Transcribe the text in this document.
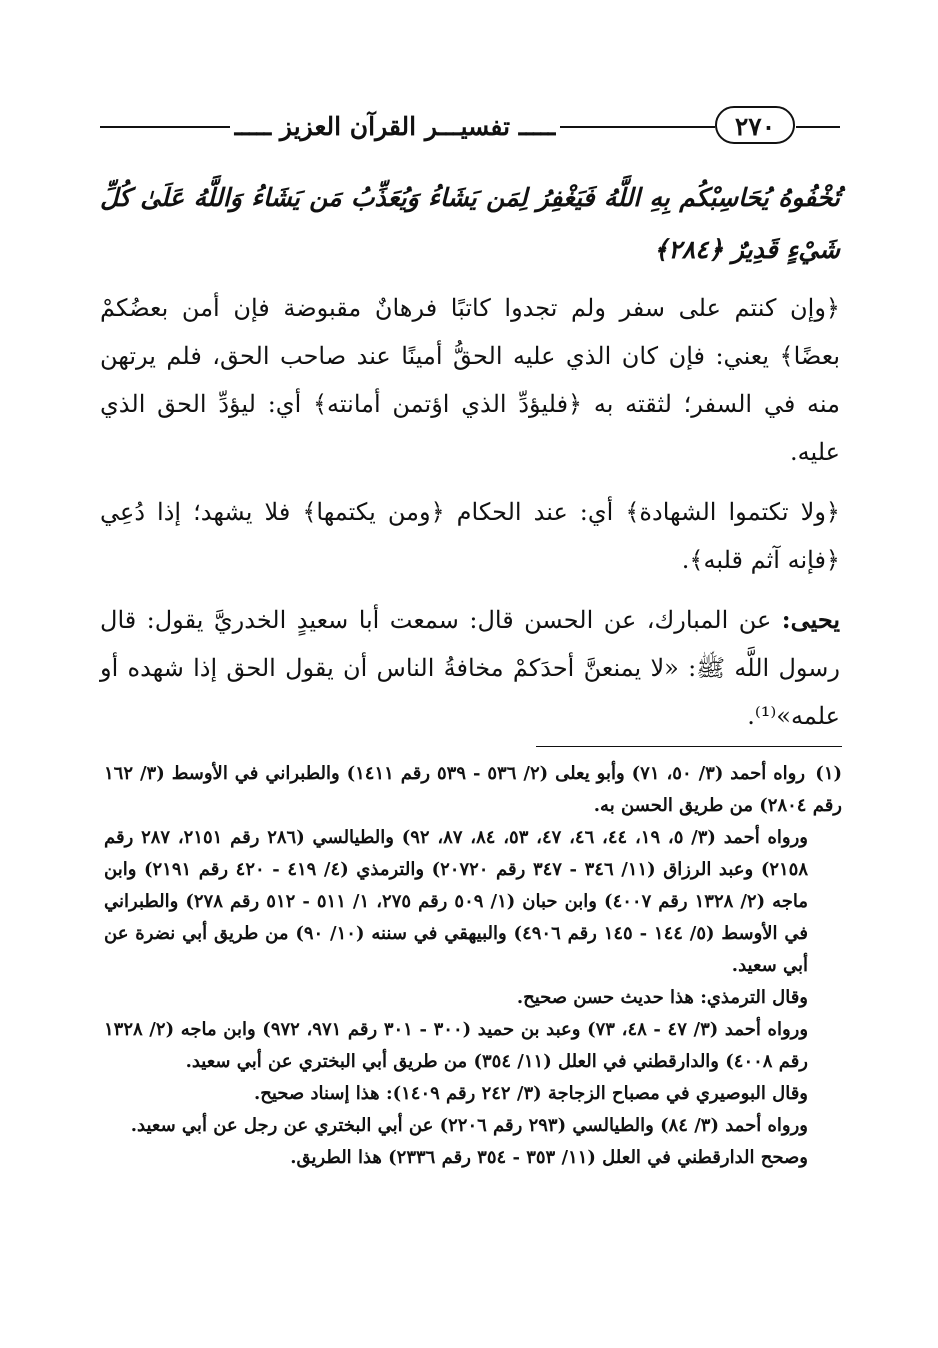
ـــــ تفسيـــر القرآن العزيز ـــــ	٢٧٠

تُخْفُوهُ يُحَاسِبْكُم بِهِ اللَّهُ فَيَغْفِرُ لِمَن يَشَاءُ وَيُعَذِّبُ مَن يَشَاءُ وَاللَّهُ عَلَىٰ كُلِّ شَيْءٍ قَدِيرٌ ﴿٢٨٤﴾

﴿وإن كنتم على سفر ولم تجدوا كاتبًا فرهانٌ مقبوضة فإن أمن بعضُكمْ بعضًا﴾ يعني: فإن كان الذي عليه الحقُّ أمينًا عند صاحب الحق، فلم يرتهن منه في السفر؛ لثقته به ﴿فليؤدِّ الذي اؤتمن أمانته﴾ أي: ليؤدِّ الحق الذي عليه.

﴿ولا تكتموا الشهادة﴾ أي: عند الحكام ﴿ومن يكتمها﴾ فلا يشهد؛ إذا دُعِي ﴿فإنه آثم قلبه﴾.

يحيى: عن المبارك، عن الحسن قال: سمعت أبا سعيدٍ الخدريَّ يقول: قال رسول اللَّه ﷺ: «لا يمنعنَّ أحدَكمْ مخافةُ الناس أن يقول الحق إذا شهده أو علمه»⁽¹⁾.

(١) رواه أحمد (٣/ ٥٠، ٧١) وأبو يعلى (٢/ ٥٣٦ - ٥٣٩ رقم ١٤١١) والطبراني في الأوسط (٣/ ١٦٢ رقم ٢٨٠٤) من طريق الحسن به.

ورواه أحمد (٣/ ٥، ١٩، ٤٤، ٤٦، ٤٧، ٥٣، ٨٤، ٨٧، ٩٢) والطيالسي (٢٨٦ رقم ٢١٥١، ٢٨٧ رقم ٢١٥٨) وعبد الرزاق (١١/ ٣٤٦ - ٣٤٧ رقم ٢٠٧٢٠) والترمذي (٤/ ٤١٩ - ٤٢٠ رقم ٢١٩١) وابن ماجه (٢/ ١٣٢٨ رقم ٤٠٠٧) وابن حبان (١/ ٥٠٩ رقم ٢٧٥، ١/ ٥١١ - ٥١٢ رقم ٢٧٨) والطبراني في الأوسط (٥/ ١٤٤ - ١٤٥ رقم ٤٩٠٦) والبيهقي في سننه (١٠/ ٩٠) من طريق أبي نضرة عن أبي سعيد.

وقال الترمذي: هذا حديث حسن صحيح.

ورواه أحمد (٣/ ٤٧ - ٤٨، ٧٣) وعبد بن حميد (٣٠٠ - ٣٠١ رقم ٩٧١، ٩٧٢) وابن ماجه (٢/ ١٣٢٨ رقم ٤٠٠٨) والدارقطني في العلل (١١/ ٣٥٤) من طريق أبي البختري عن أبي سعيد.

وقال البوصيري في مصباح الزجاجة (٣/ ٢٤٢ رقم ١٤٠٩): هذا إسناد صحيح.

ورواه أحمد (٣/ ٨٤) والطيالسي (٢٩٣ رقم ٢٢٠٦) عن أبي البختري عن رجل عن أبي سعيد.

وصحح الدارقطني في العلل (١١/ ٣٥٣ - ٣٥٤ رقم ٢٣٣٦) هذا الطريق.
